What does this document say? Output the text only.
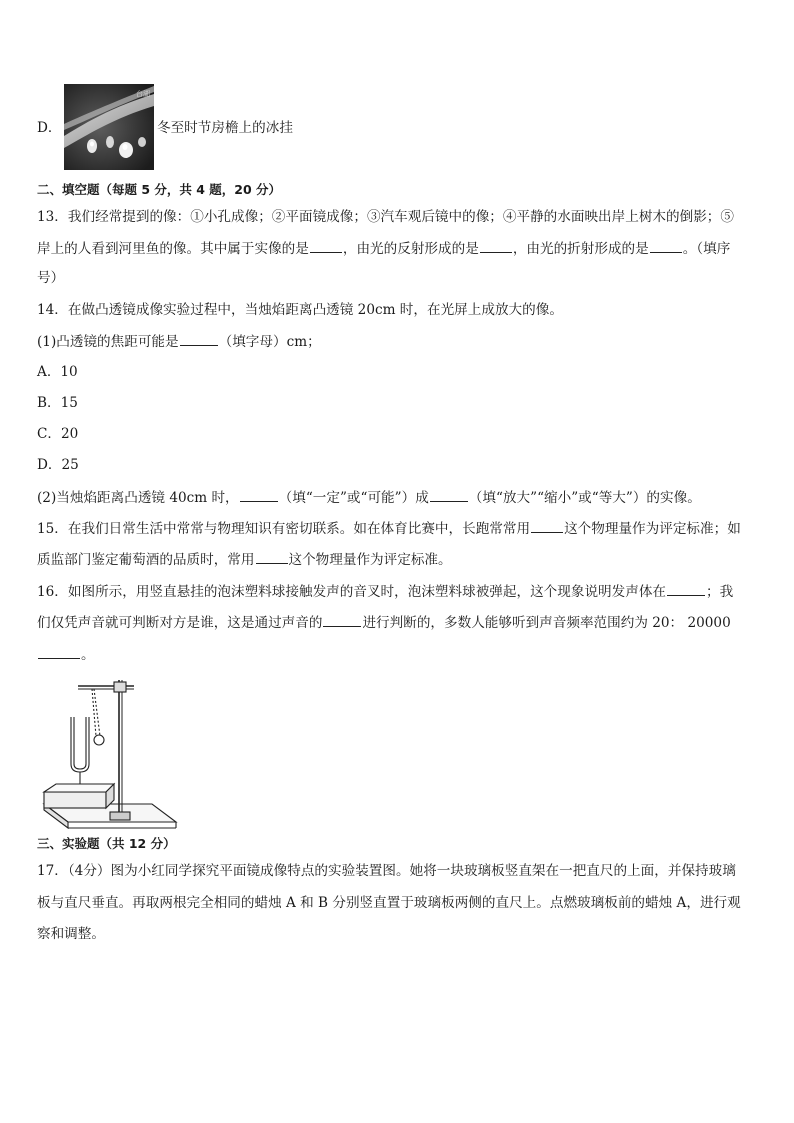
D．
台湖
冬至时节房檐上的冰挂
二、填空题（每题 5 分，共 4 题，20 分）
13．我们经常提到的像：①小孔成像；②平面镜成像；③汽车观后镜中的像；④平静的水面映出岸上树木的倒影；⑤
岸上的人看到河里鱼的像。其中属于实像的是	，由光的反射形成的是	，由光的折射形成的是	。（填序
号）
14．在做凸透镜成像实验过程中，当烛焰距离凸透镜 20cm 时，在光屏上成放大的像。
(1)凸透镜的焦距可能是	（填字母）cm；
A．10
B．15
C．20
D．25
(2)当烛焰距离凸透镜 40cm 时，	（填“一定”或“可能”）成	（填“放大”“缩小”或“等大”）的实像。
15．在我们日常生活中常常与物理知识有密切联系。如在体育比赛中，长跑常常用	这个物理量作为评定标准；如
质监部门鉴定葡萄酒的品质时，常用	这个物理量作为评定标准。
16．如图所示，用竖直悬挂的泡沫塑料球接触发声的音叉时，泡沫塑料球被弹起，这个现象说明发声体在	；我
们仅凭声音就可判断对方是谁，这是通过声音的	进行判断的，多数人能够听到声音频率范围约为 20： 20000
。
三、实验题（共 12 分）
17．（4分）图为小红同学探究平面镜成像特点的实验装置图。她将一块玻璃板竖直架在一把直尺的上面，并保持玻璃
板与直尺垂直。再取两根完全相同的蜡烛 A 和 B 分别竖直置于玻璃板两侧的直尺上。点燃玻璃板前的蜡烛 A，进行观
察和调整。
